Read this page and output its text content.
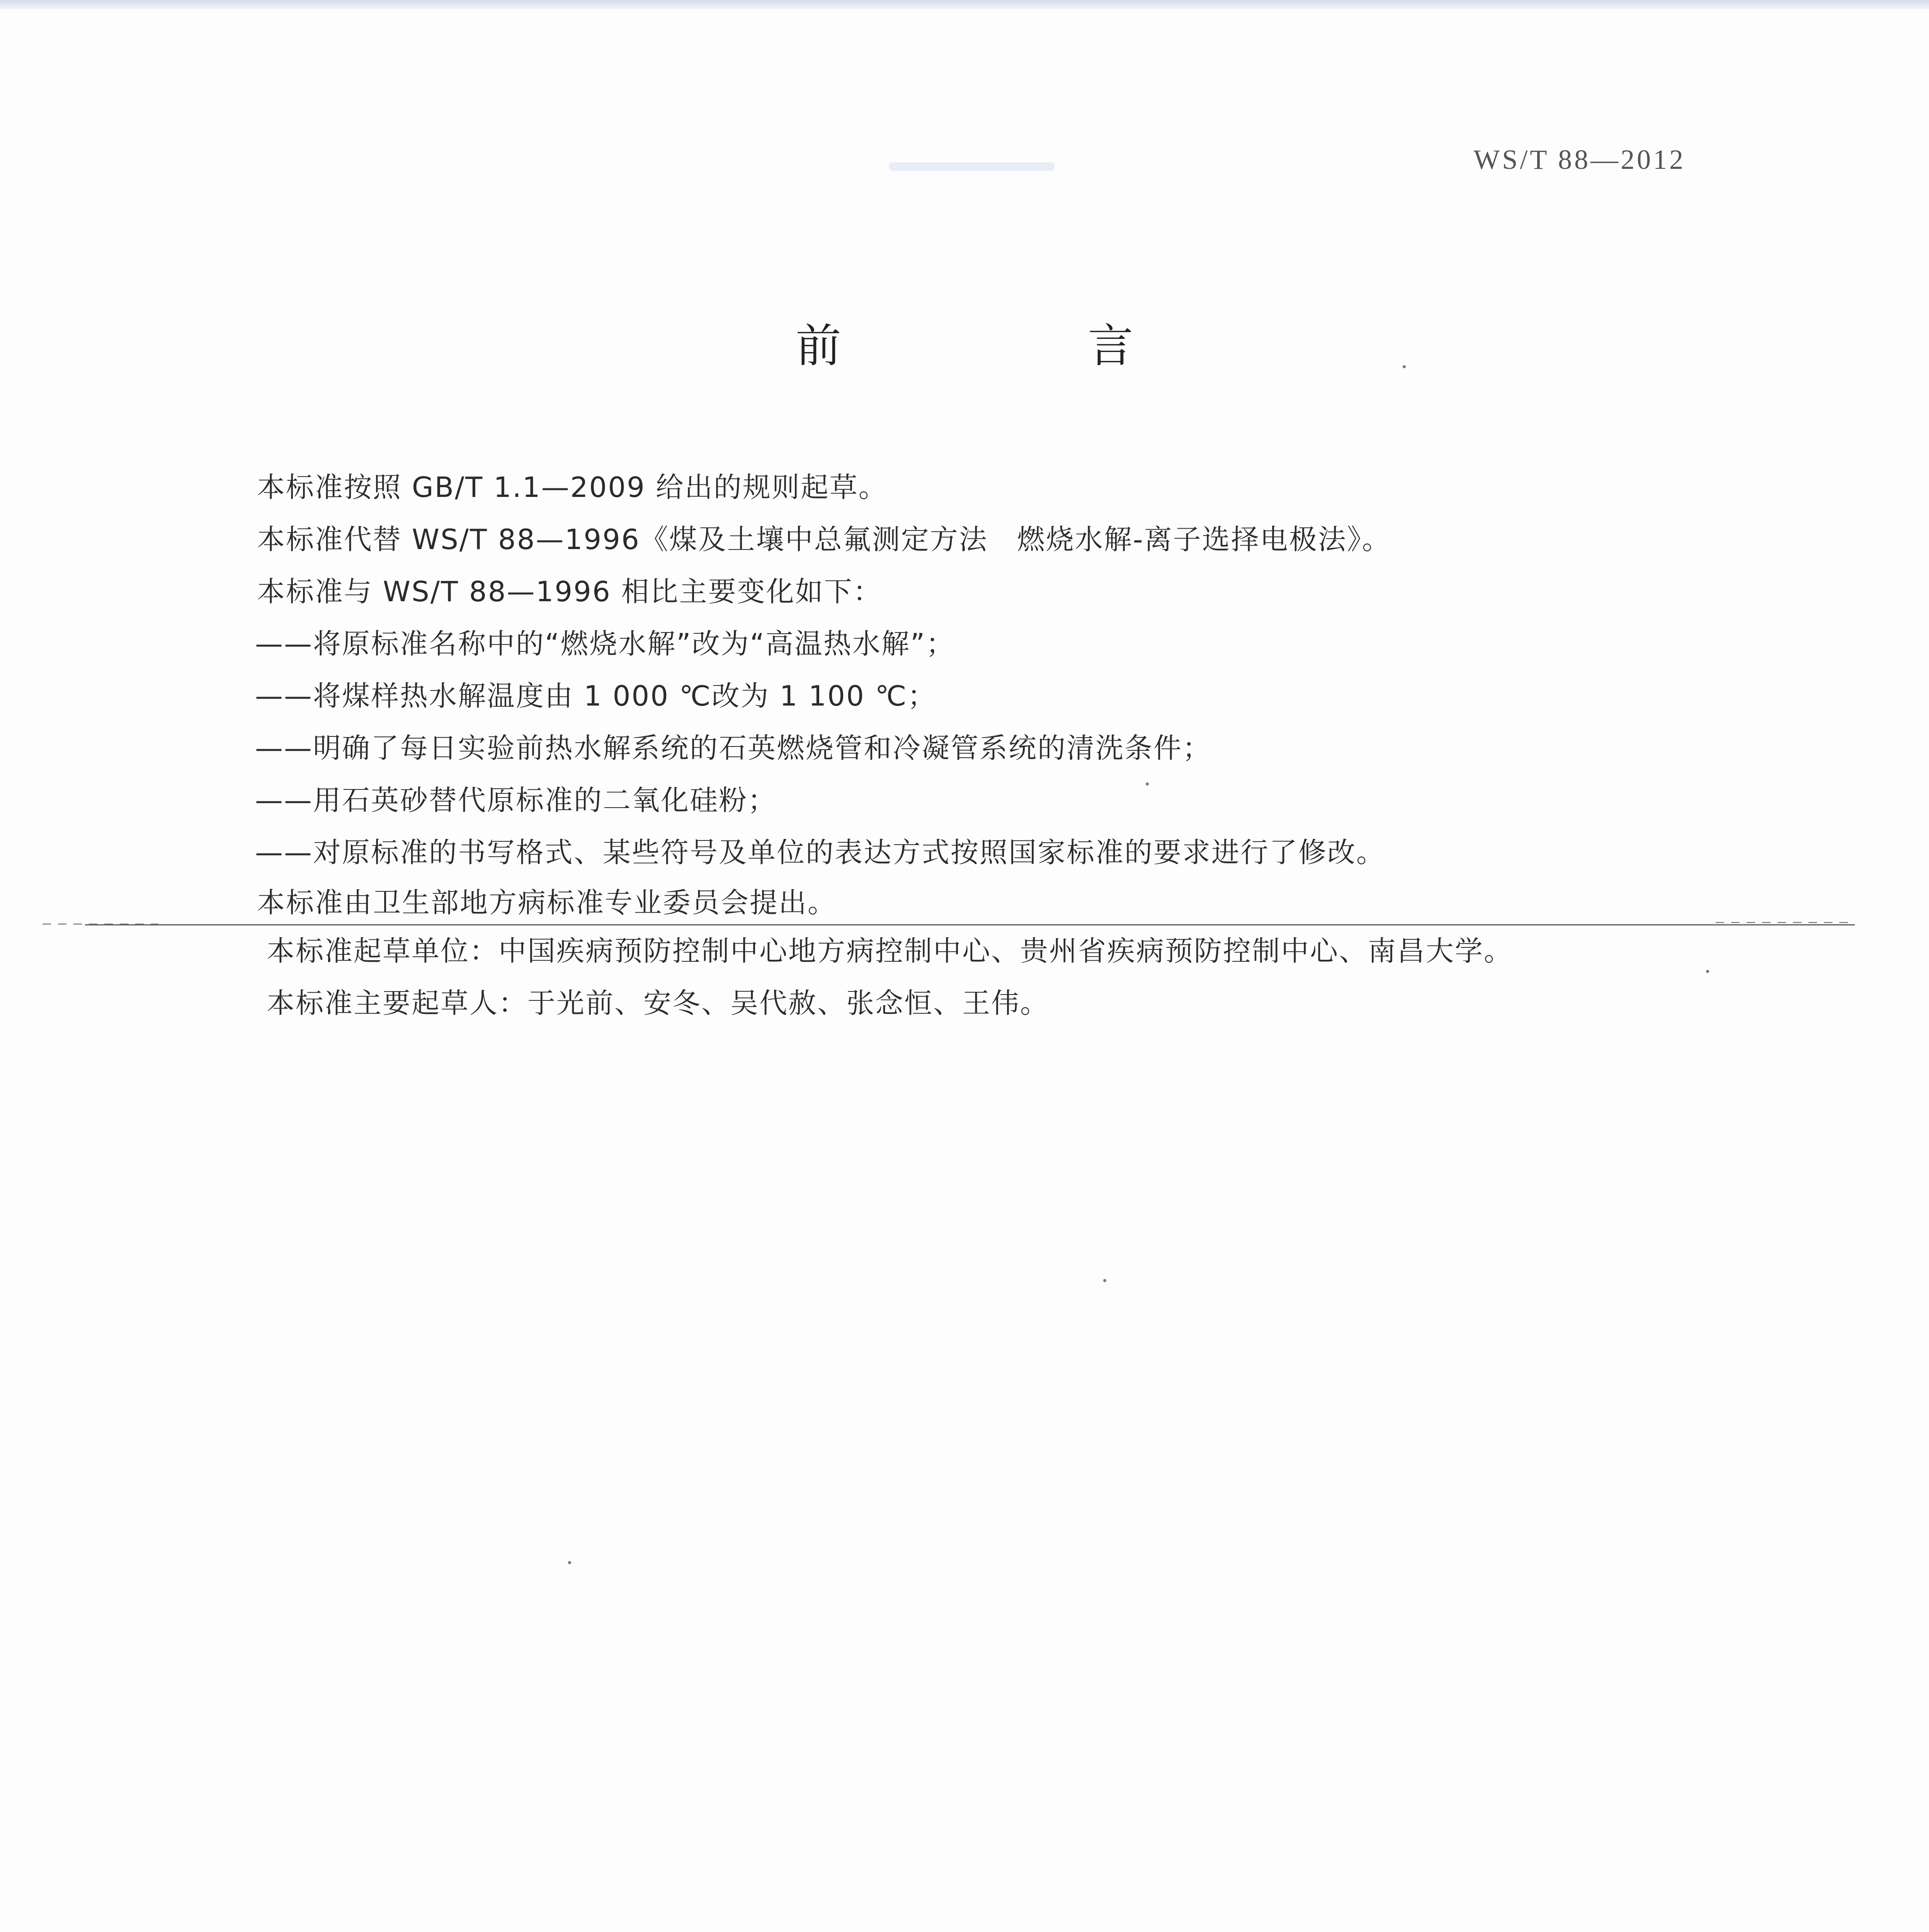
WS/T 88—2012
前　言
本标准按照 GB/T 1.1—2009 给出的规则起草。
本标准代替 WS/T 88—1996《煤及土壤中总氟测定方法　燃烧水解-离子选择电极法》。
本标准与 WS/T 88—1996 相比主要变化如下：
——将原标准名称中的“燃烧水解”改为“高温热水解”；
——将煤样热水解温度由 1 000 ℃改为 1 100 ℃；
——明确了每日实验前热水解系统的石英燃烧管和冷凝管系统的清洗条件；
——用石英砂替代原标准的二氧化硅粉；
——对原标准的书写格式、某些符号及单位的表达方式按照国家标准的要求进行了修改。
本标准由卫生部地方病标准专业委员会提出。
本标准起草单位：中国疾病预防控制中心地方病控制中心、贵州省疾病预防控制中心、南昌大学。
本标准主要起草人：于光前、安冬、吴代赦、张念恒、王伟。
